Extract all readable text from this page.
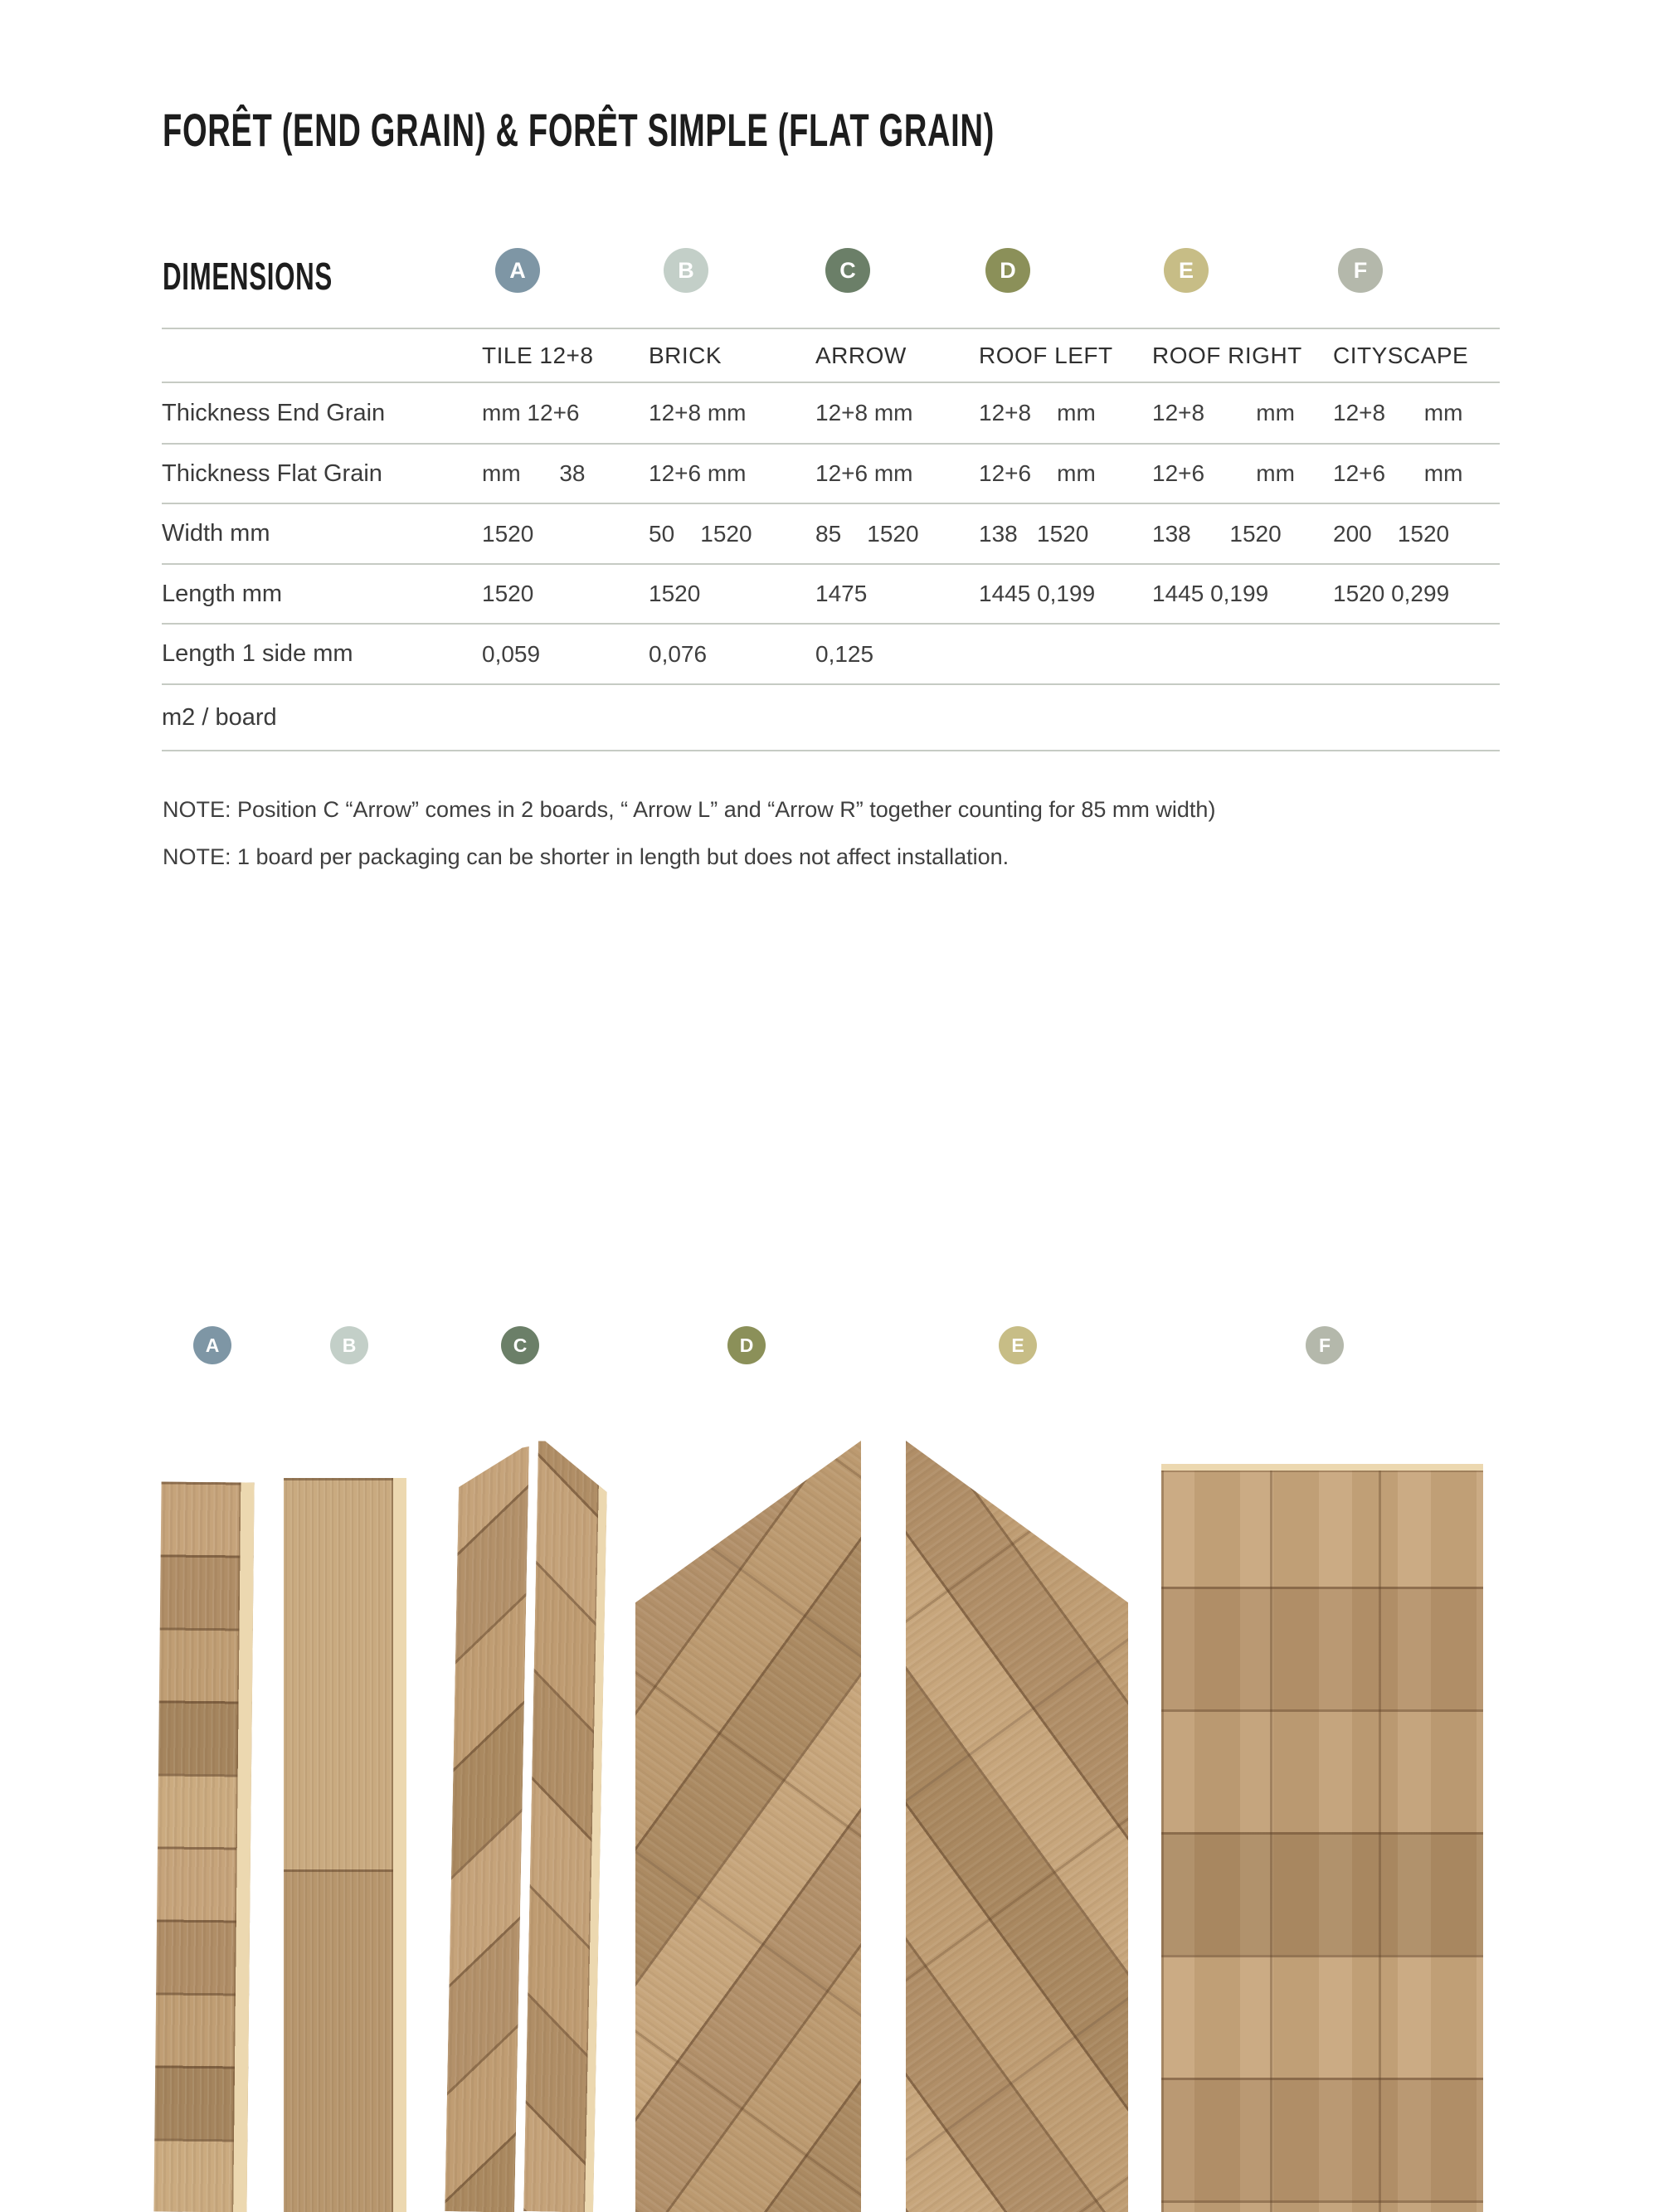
FORÊT (END GRAIN) & FORÊT SIMPLE (FLAT GRAIN)
DIMENSIONS	A	B	C	D	E	F
TILE 12+8	BRICK	ARROW	ROOF LEFT	ROOF RIGHT	CITYSCAPE
Thickness End Grain	mm 12+6	12+8 mm	12+8 mm	12+8    mm	12+8        mm	12+8      mm
Thickness Flat Grain	mm      38	12+6 mm	12+6 mm	12+6    mm	12+6        mm	12+6      mm
Width mm	1520	50    1520	85    1520	138   1520	138      1520	200    1520
Length mm	1520	1520	1475	1445 0,199	1445 0,199	1520 0,299
Length 1 side mm	0,059	0,076	0,125
m2 / board
NOTE: Position C “Arrow” comes in 2 boards, “ Arrow L” and “Arrow R” together counting for 85 mm width)
NOTE: 1 board per packaging can be shorter in length but does not affect installation.
A	B	C	D	E	F
